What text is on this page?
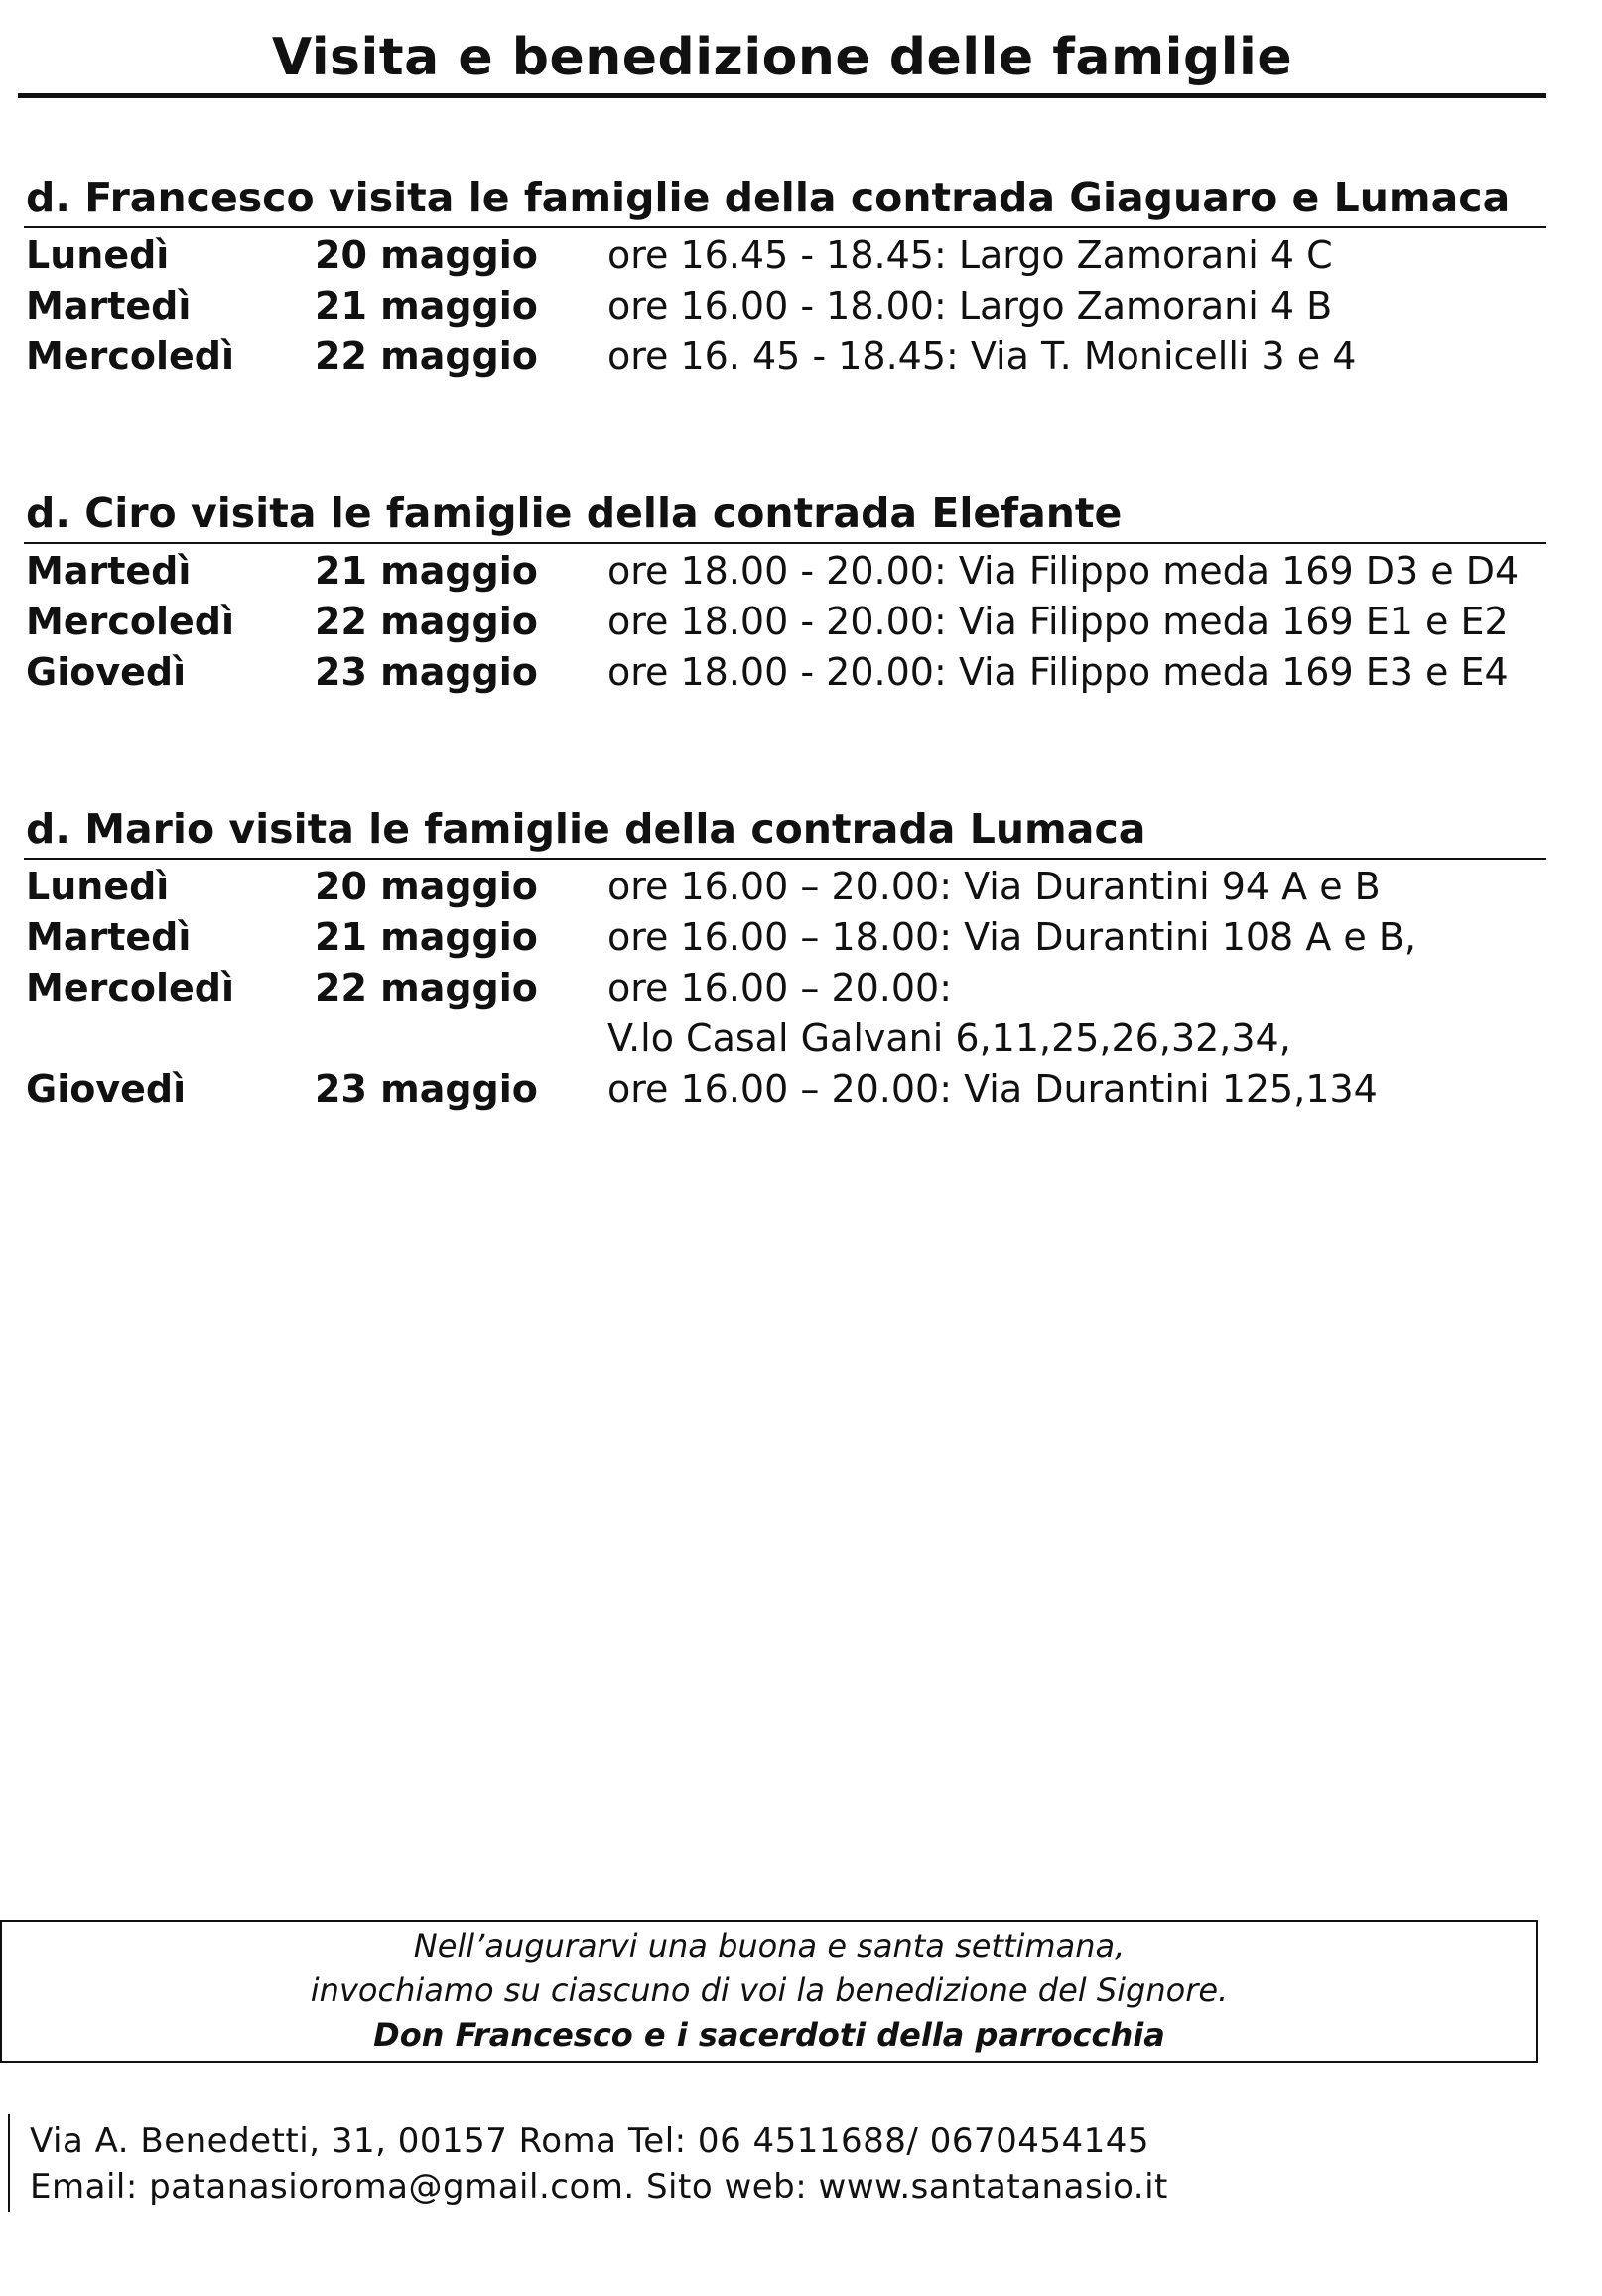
Visita e benedizione delle famiglie
d. Francesco visita le famiglie della contrada Giaguaro e Lumaca
Lunedì	20 maggio ore 16.45 - 18.45: Largo Zamorani 4 C
Martedì	21 maggio ore 16.00 - 18.00: Largo Zamorani 4 B
Mercoledì 22 maggio ore 16. 45 - 18.45: Via T. Monicelli 3 e 4
d. Ciro visita le famiglie della contrada Elefante
Martedì	21 maggio ore 18.00 - 20.00: Via Filippo meda 169 D3 e D4
Mercoledì 22 maggio ore 18.00 - 20.00: Via Filippo meda 169 E1 e E2
Giovedì	23 maggio ore 18.00 - 20.00: Via Filippo meda 169 E3 e E4
d. Mario visita le famiglie della contrada Lumaca
Lunedì	20 maggio ore 16.00 – 20.00: Via Durantini 94 A e B
Martedì	21 maggio ore 16.00 – 18.00: Via Durantini 108 A e B,
Mercoledì 22 maggio ore 16.00 – 20.00:
V.lo Casal Galvani 6,11,25,26,32,34,
Giovedì	23 maggio ore 16.00 – 20.00: Via Durantini 125,134
Nell’augurarvi una buona e santa settimana,
invochiamo su ciascuno di voi la benedizione del Signore.
Don Francesco e i sacerdoti della parrocchia
Via A. Benedetti, 31, 00157 Roma Tel: 06 4511688/ 0670454145
Email: patanasioroma@gmail.com. Sito web: www.santatanasio.it
